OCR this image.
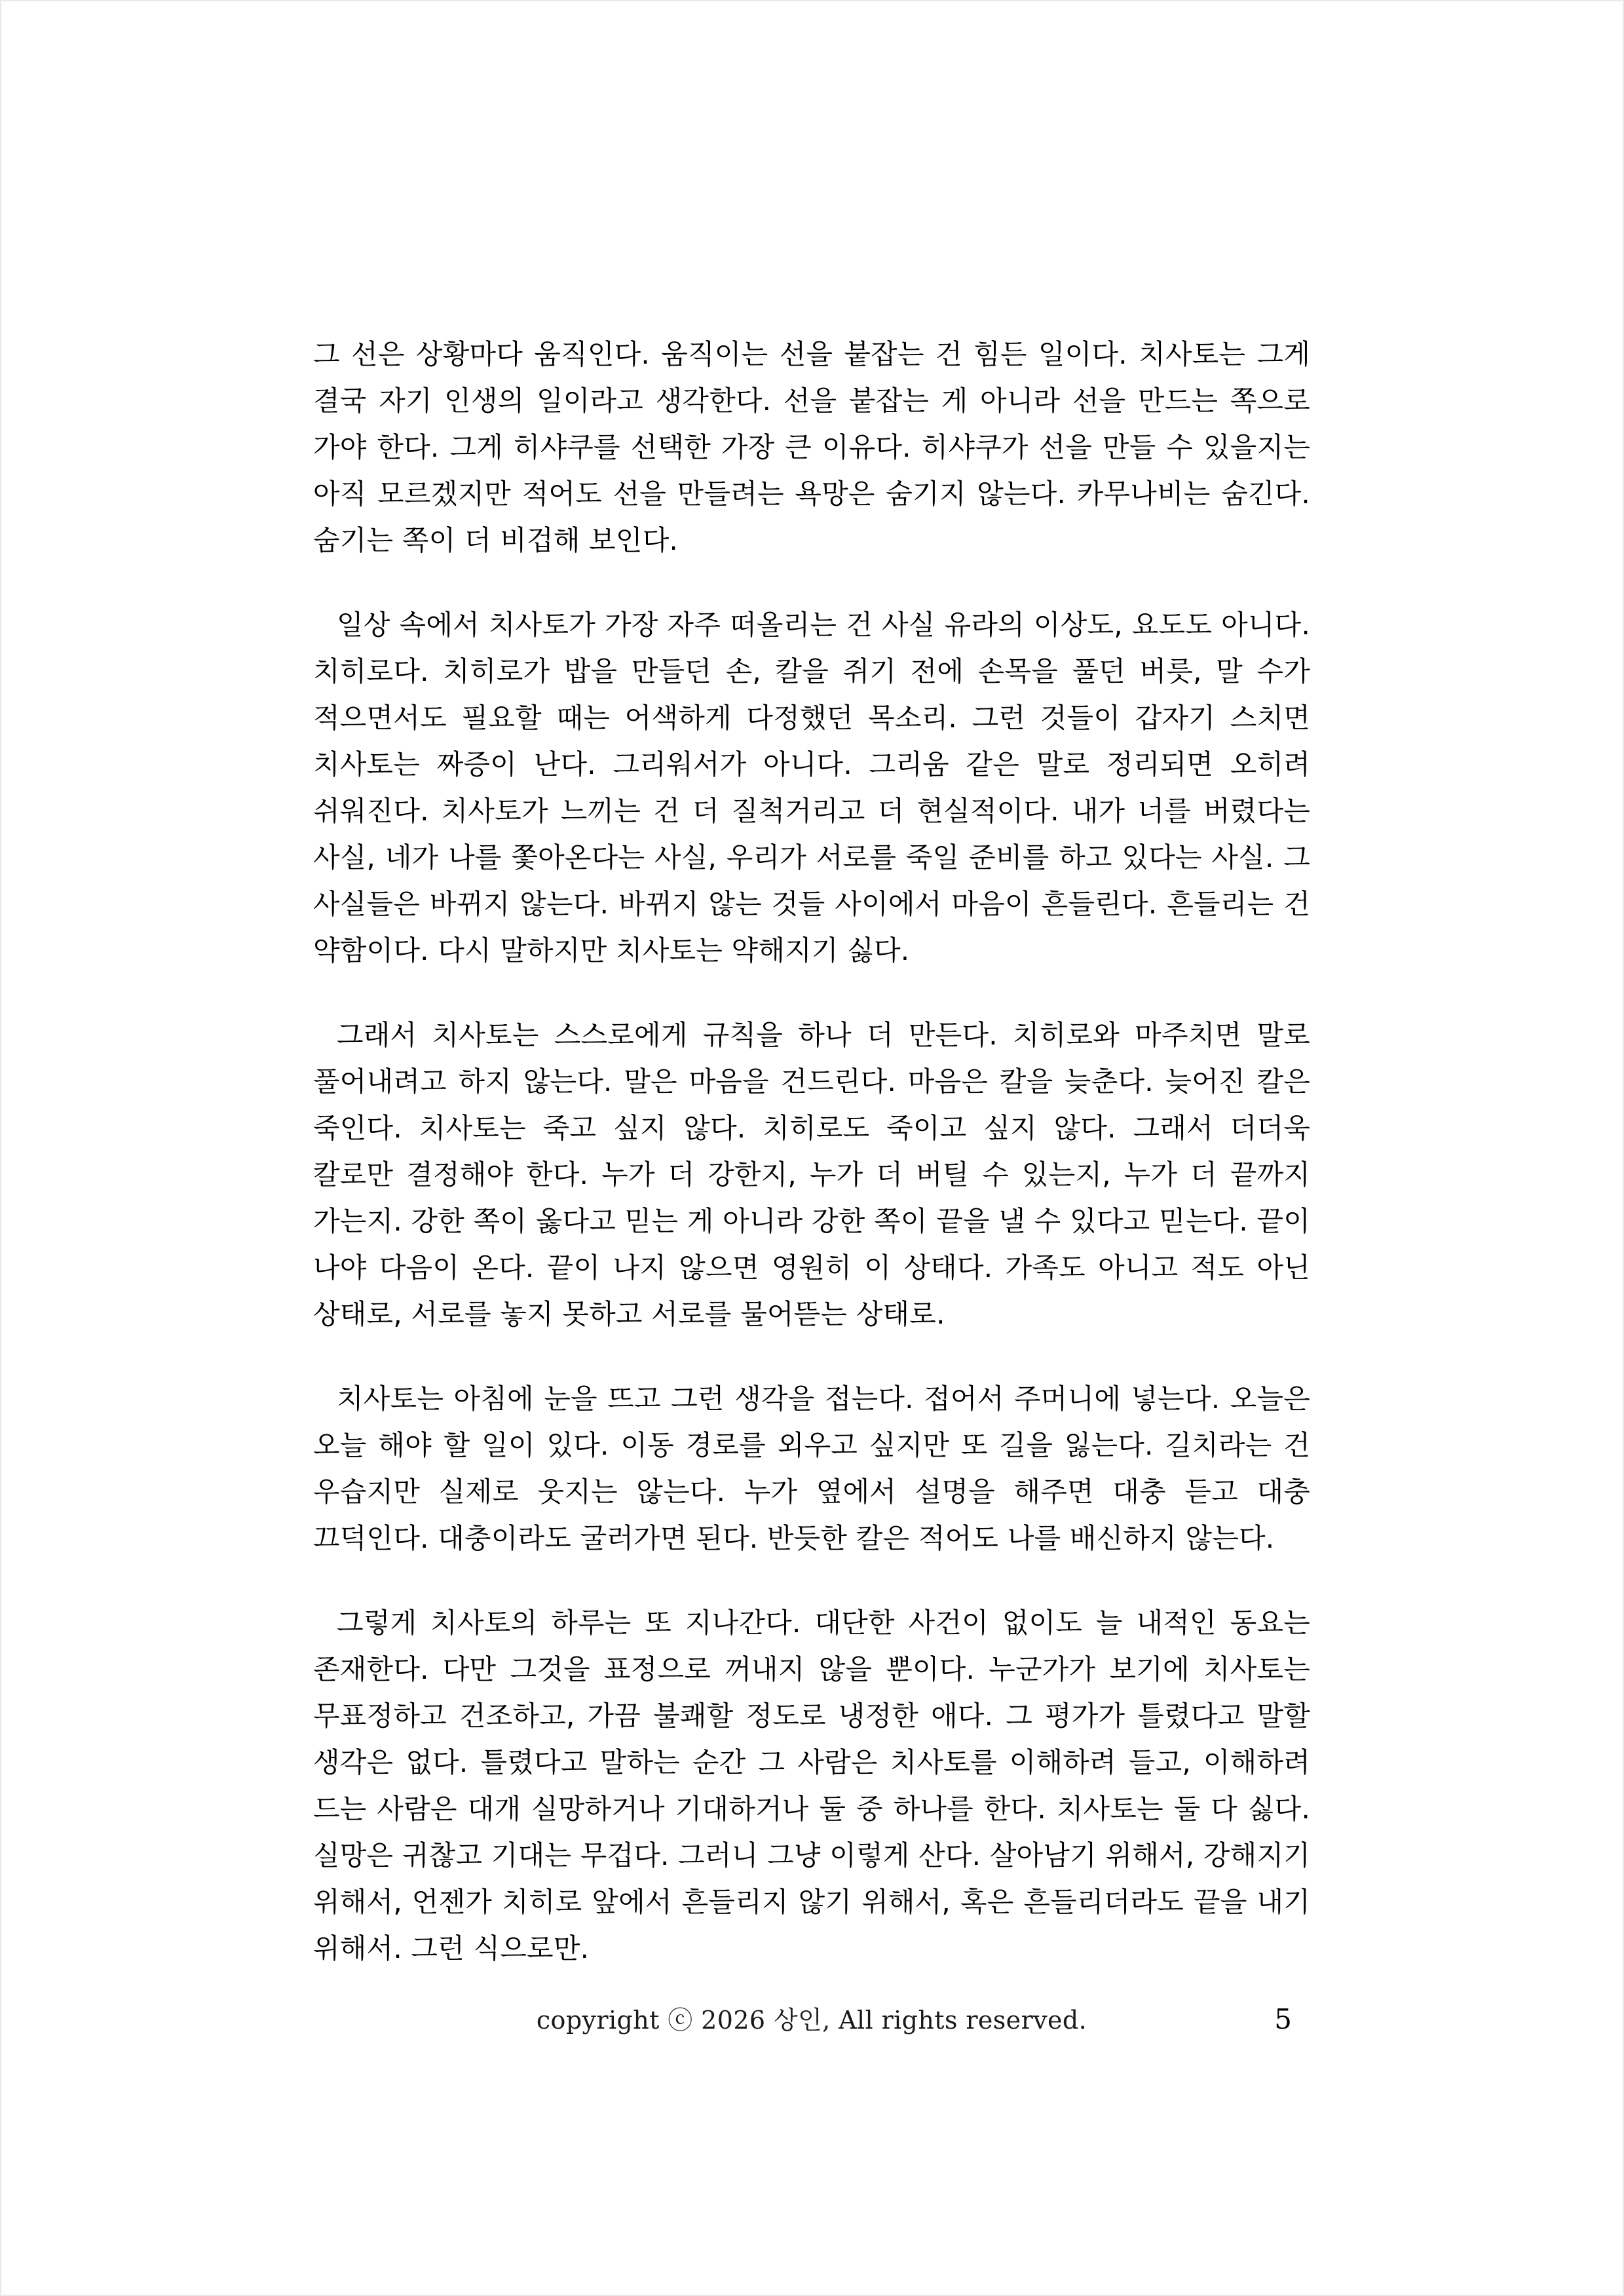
그 선은 상황마다 움직인다. 움직이는 선을 붙잡는 건 힘든 일이다. 치사토는 그게 결국 자기 인생의 일이라고 생각한다. 선을 붙잡는 게 아니라 선을 만드는 쪽으로 가야 한다. 그게 히샤쿠를 선택한 가장 큰 이유다. 히샤쿠가 선을 만들 수 있을지는 아직 모르겠지만 적어도 선을 만들려는 욕망은 숨기지 않는다. 카무나비는 숨긴다. 숨기는 쪽이 더 비겁해 보인다.

일상 속에서 치사토가 가장 자주 떠올리는 건 사실 유라의 이상도, 요도도 아니다. 치히로다. 치히로가 밥을 만들던 손, 칼을 쥐기 전에 손목을 풀던 버릇, 말 수가 적으면서도 필요할 때는 어색하게 다정했던 목소리. 그런 것들이 갑자기 스치면 치사토는 짜증이 난다. 그리워서가 아니다. 그리움 같은 말로 정리되면 오히려 쉬워진다. 치사토가 느끼는 건 더 질척거리고 더 현실적이다. 내가 너를 버렸다는 사실, 네가 나를 쫓아온다는 사실, 우리가 서로를 죽일 준비를 하고 있다는 사실. 그 사실들은 바뀌지 않는다. 바뀌지 않는 것들 사이에서 마음이 흔들린다. 흔들리는 건 약함이다. 다시 말하지만 치사토는 약해지기 싫다.

그래서 치사토는 스스로에게 규칙을 하나 더 만든다. 치히로와 마주치면 말로 풀어내려고 하지 않는다. 말은 마음을 건드린다. 마음은 칼을 늦춘다. 늦어진 칼은 죽인다. 치사토는 죽고 싶지 않다. 치히로도 죽이고 싶지 않다. 그래서 더더욱 칼로만 결정해야 한다. 누가 더 강한지, 누가 더 버틸 수 있는지, 누가 더 끝까지 가는지. 강한 쪽이 옳다고 믿는 게 아니라 강한 쪽이 끝을 낼 수 있다고 믿는다. 끝이 나야 다음이 온다. 끝이 나지 않으면 영원히 이 상태다. 가족도 아니고 적도 아닌 상태로, 서로를 놓지 못하고 서로를 물어뜯는 상태로.

치사토는 아침에 눈을 뜨고 그런 생각을 접는다. 접어서 주머니에 넣는다. 오늘은 오늘 해야 할 일이 있다. 이동 경로를 외우고 싶지만 또 길을 잃는다. 길치라는 건 우습지만 실제로 웃지는 않는다. 누가 옆에서 설명을 해주면 대충 듣고 대충 끄덕인다. 대충이라도 굴러가면 된다. 반듯한 칼은 적어도 나를 배신하지 않는다.

그렇게 치사토의 하루는 또 지나간다. 대단한 사건이 없이도 늘 내적인 동요는 존재한다. 다만 그것을 표정으로 꺼내지 않을 뿐이다. 누군가가 보기에 치사토는 무표정하고 건조하고, 가끔 불쾌할 정도로 냉정한 애다. 그 평가가 틀렸다고 말할 생각은 없다. 틀렸다고 말하는 순간 그 사람은 치사토를 이해하려 들고, 이해하려 드는 사람은 대개 실망하거나 기대하거나 둘 중 하나를 한다. 치사토는 둘 다 싫다. 실망은 귀찮고 기대는 무겁다. 그러니 그냥 이렇게 산다. 살아남기 위해서, 강해지기 위해서, 언젠가 치히로 앞에서 흔들리지 않기 위해서, 혹은 흔들리더라도 끝을 내기 위해서. 그런 식으로만.

copyright ⓒ 2026 상인, All rights reserved.	5
